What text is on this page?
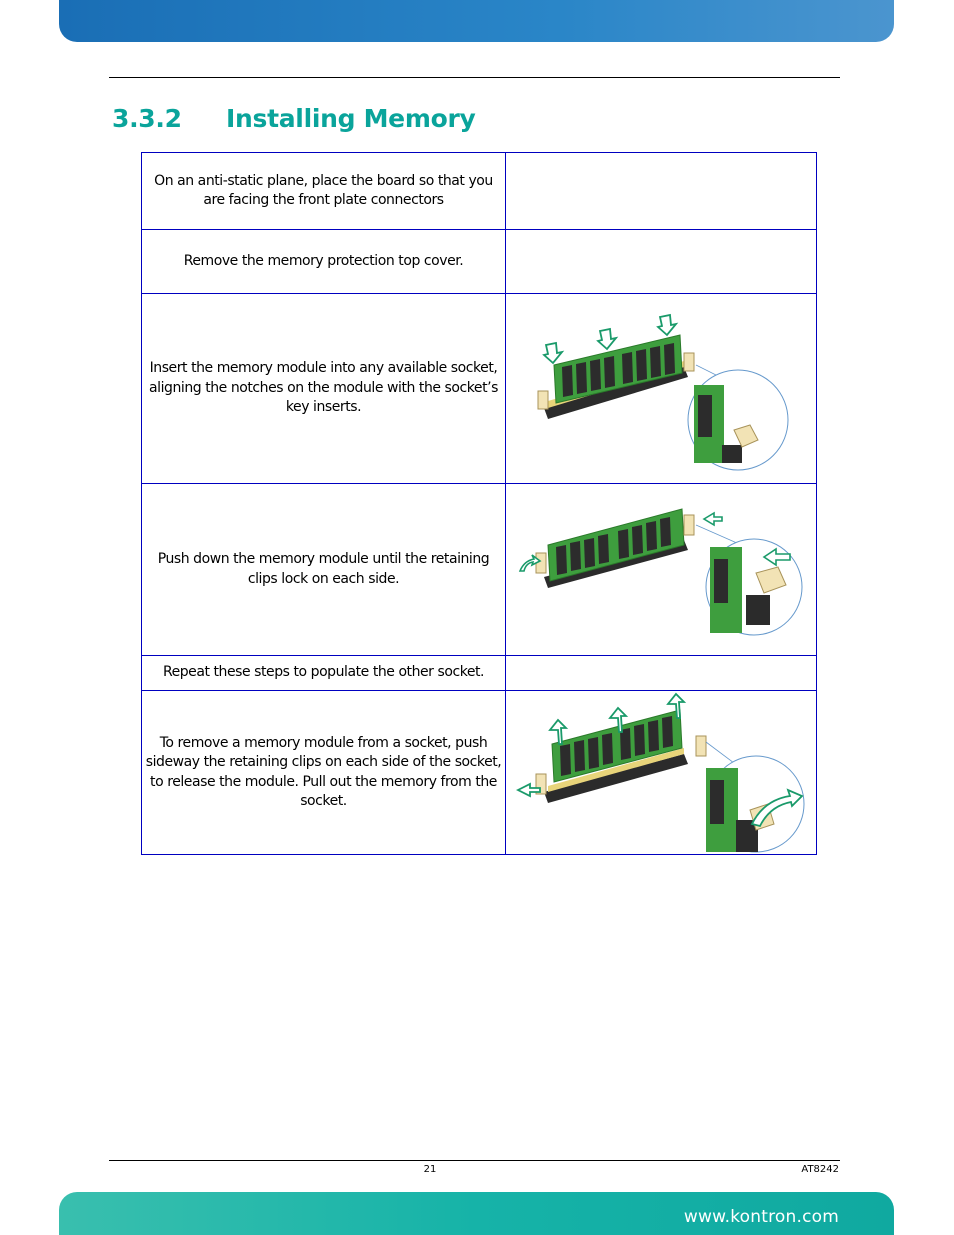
3.3.2 Installing Memory
On an anti-static plane, place the board so that you are facing the front plate connectors	
Remove the memory protection top cover.	
Insert the memory module into any available socket, aligning the notches on the module with the socket’s key inserts.	

Push down the memory module until the retaining clips lock on each side.	

Repeat these steps to populate the other socket.	
To remove a memory module from a socket, push sideway the retaining clips on each side of the socket, to release the module. Pull out the memory from the socket.	
21	AT8242
www.kontron.com
